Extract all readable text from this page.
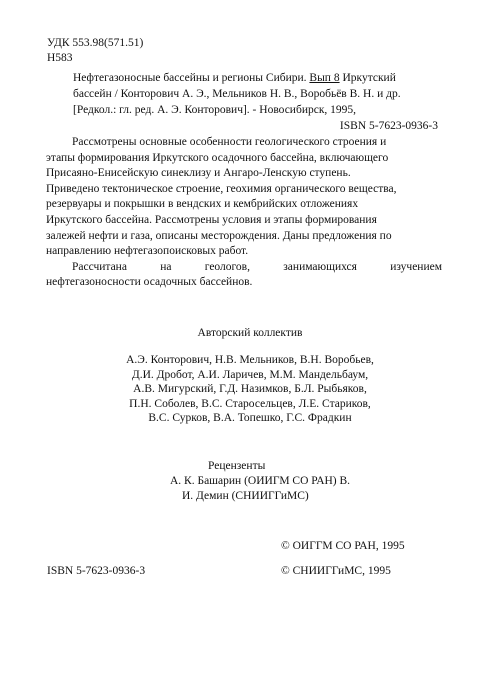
УДК 553.98(571.51)
Н583
Нефтегазоносные бассейны и регионы Сибири. Вып 8 Иркутский
бассейн / Конторович А. Э., Мельников Н. В., Воробьёв В. Н. и др.
[Редкол.: гл. ред. А. Э. Конторович]. - Новосибирск, 1995,
ISBN 5-7623-0936-3
Рассмотрены основные особенности геологического строения и
этапы формирования Иркутского осадочного бассейна, включающего
Присаяно-Енисейскую синеклизу и Ангаро-Ленскую ступень.
Приведено тектоническое строение, геохимия органического вещества,
резервуары и покрышки в вендских и кембрийских отложениях
Иркутского бассейна. Рассмотрены условия и этапы формирования
залежей нефти и газа, описаны месторождения. Даны предложения по
направлению нефтегазопоисковых работ.
Рассчитана	на	геологов,	занимающихся	изучением
нефтегазоносности осадочных бассейнов.
Авторский коллектив
А.Э. Конторович, Н.В. Мельников, В.Н. Воробьев,
Д.И. Дробот, А.И. Ларичев, М.М. Мандельбаум,
А.В. Мигурский, Г.Д. Назимков, Б.Л. Рыбьяков,
П.Н. Соболев, В.С. Старосельцев, Л.Е. Стариков,
В.С. Сурков, В.А. Топешко, Г.С. Фрадкин
Рецензенты
А. К. Башарин (ОИИГМ СО РАН) В.
И. Демин (СНИИГГиМС)
© ОИГГМ СО РАН, 1995
ISBN 5-7623-0936-3	© СНИИГГиМС, 1995
